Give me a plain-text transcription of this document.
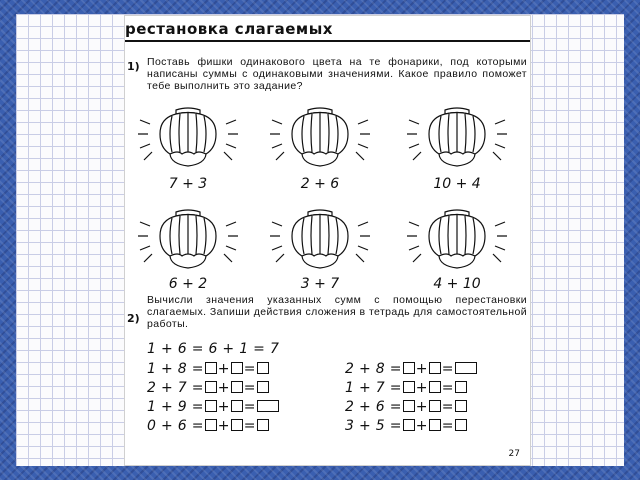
рестановка слагаемых
1) Поставь фишки одинакового цвета на те фонарики, под которыми написаны суммы с одинаковыми значениями. Какое правило поможет тебе выполнить это задание?
7 + 3	2 + 6	10 + 4
6 + 2	3 + 7	4 + 10
2)
Вычисли значения указанных сумм с помощью перестановки слагаемых. Запиши действия сложения в тетрадь для самостоятельной работы.
1 + 6 = 6 + 1 = 7
1 + 8 = + =
2 + 7 = + =
1 + 9 = + =
0 + 6 = + =
2 + 8 = + =
1 + 7 = + =
2 + 6 = + =
3 + 5 = + =
27
